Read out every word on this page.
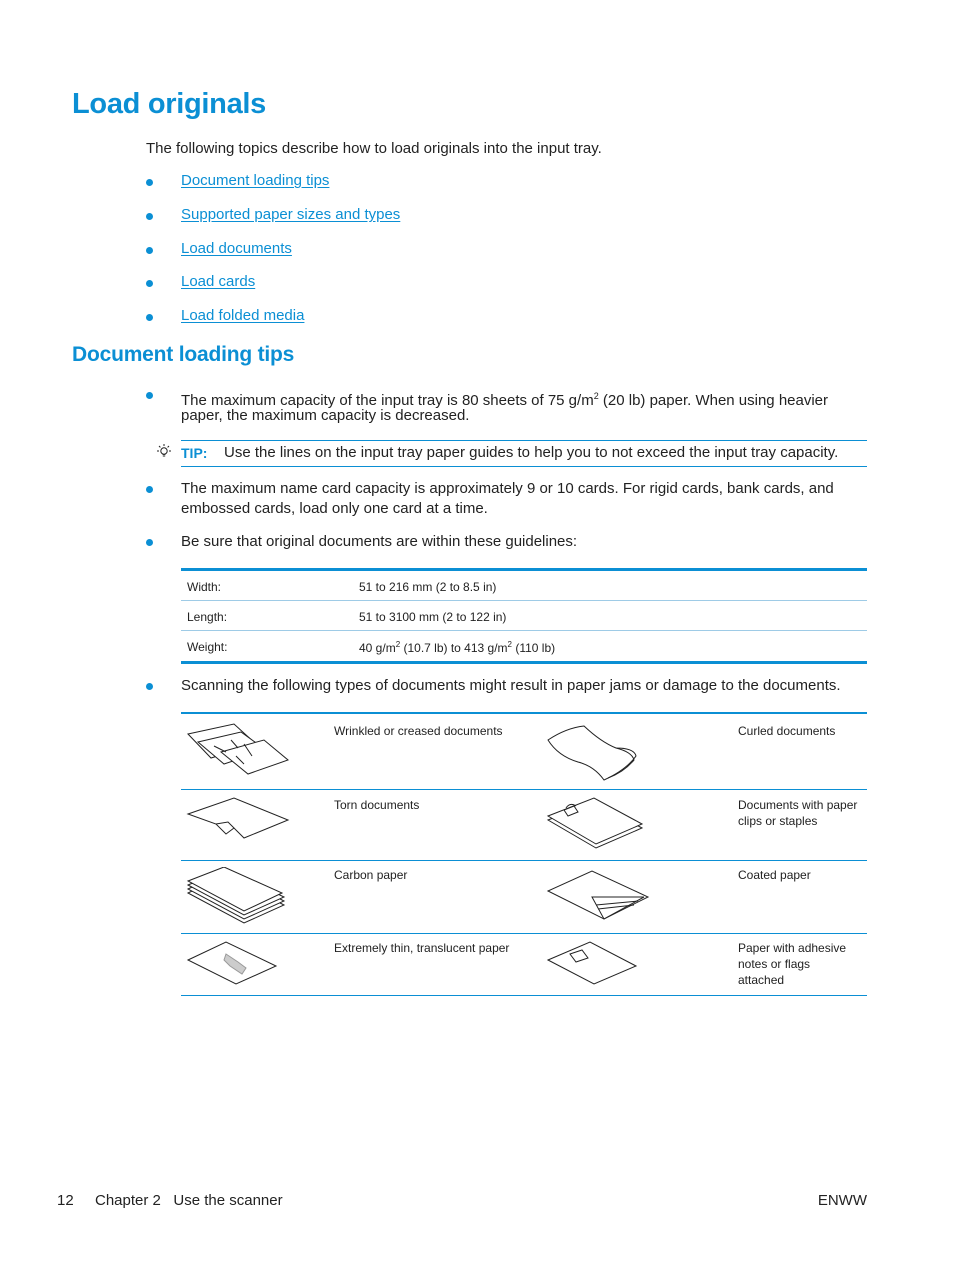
Load originals
The following topics describe how to load originals into the input tray.
Document loading tips
Supported paper sizes and types
Load documents
Load cards
Load folded media
Document loading tips
The maximum capacity of the input tray is 80 sheets of 75 $g/m^2$ (20 lb) paper. When using heavier
paper, the maximum capacity is decreased.
TIP: Use the lines on the input tray paper guides to help you to not exceed the input tray capacity.
The maximum name card capacity is approximately 9 or 10 cards. For rigid cards, bank cards, and
embossed cards, load only one card at a time.
Be sure that original documents are within these guidelines:
Width:	51 to 216 mm (2 to 8.5 in)
Length:	51 to 3100 mm (2 to 122 in)
Weight:	40 $g/m^2$ (10.7 lb) to 413 $g/m^2$ (110 lb)
Scanning the following types of documents might result in paper jams or damage to the documents.
Wrinkled or creased documents	Curled documents
Torn documents	Documents with paper
clips or staples
Carbon paper	Coated paper
Extremely thin, translucent paper	Paper with adhesive
notes or flags
attached
12 Chapter 2   Use the scanner	ENWW
